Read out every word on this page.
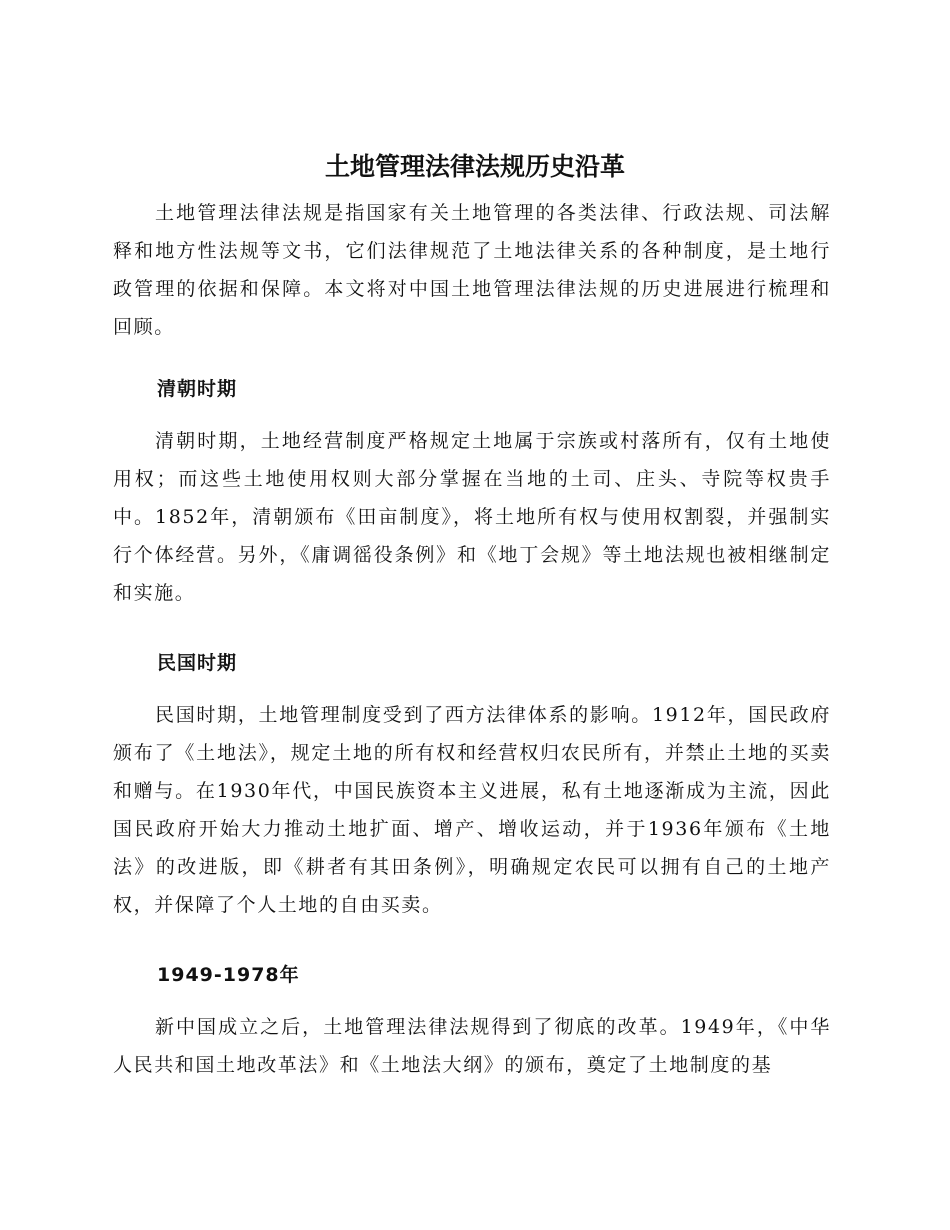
土地管理法律法规历史沿革

土地管理法律法规是指国家有关土地管理的各类法律、行政法规、司法解释和地方性法规等文书，它们法律规范了土地法律关系的各种制度，是土地行政管理的依据和保障。本文将对中国土地管理法律法规的历史进展进行梳理和回顾。

清朝时期

清朝时期，土地经营制度严格规定土地属于宗族或村落所有，仅有土地使用权；而这些土地使用权则大部分掌握在当地的土司、庄头、寺院等权贵手中。1852年，清朝颁布《田亩制度》，将土地所有权与使用权割裂，并强制实行个体经营。另外，《庸调徭役条例》和《地丁会规》等土地法规也被相继制定和实施。

民国时期

民国时期，土地管理制度受到了西方法律体系的影响。1912年，国民政府颁布了《土地法》，规定土地的所有权和经营权归农民所有，并禁止土地的买卖和赠与。在1930年代，中国民族资本主义进展，私有土地逐渐成为主流，因此国民政府开始大力推动土地扩面、增产、增收运动，并于1936年颁布《土地法》的改进版，即《耕者有其田条例》，明确规定农民可以拥有自己的土地产权，并保障了个人土地的自由买卖。

1949-1978年

新中国成立之后，土地管理法律法规得到了彻底的改革。1949年，《中华人民共和国土地改革法》和《土地法大纲》的颁布，奠定了土地制度的基
